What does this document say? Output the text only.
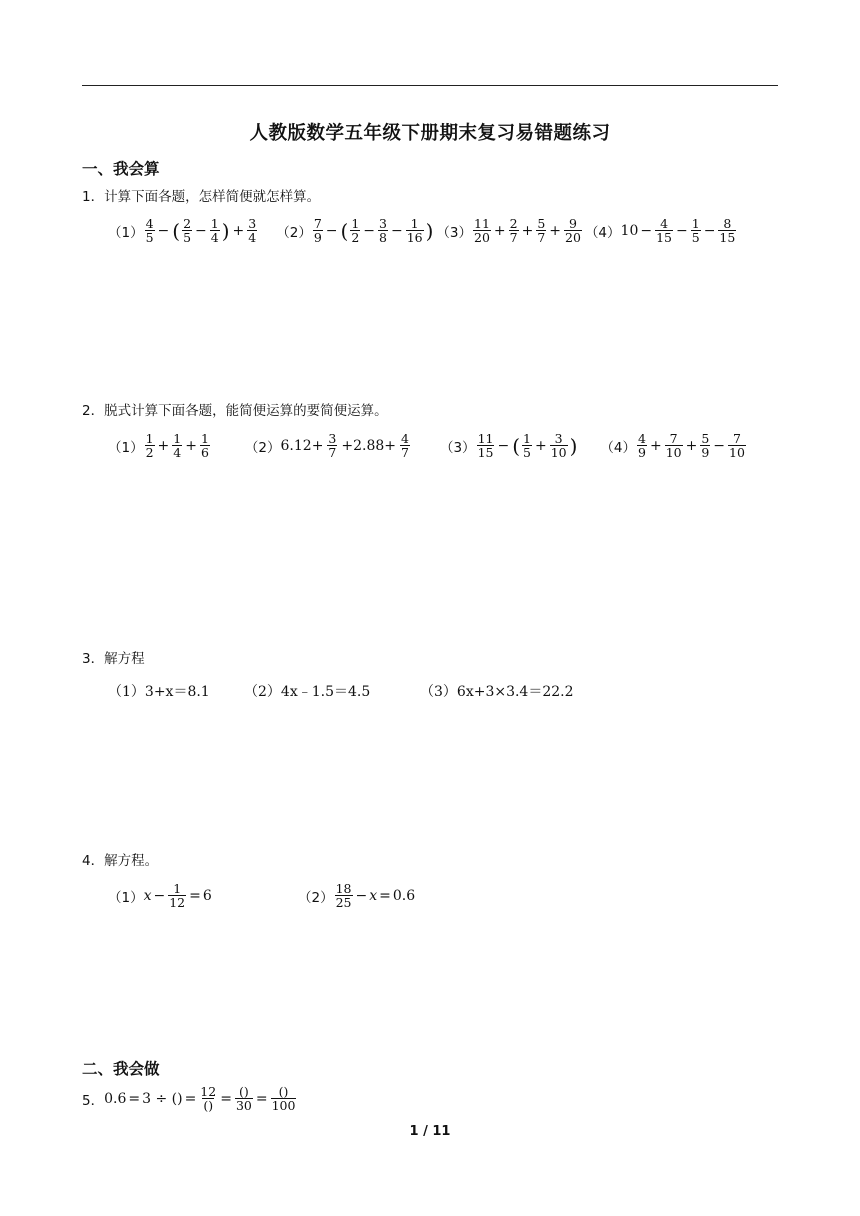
人教版数学五年级下册期末复习易错题练习
一、我会算
1．计算下面各题，怎样简便就怎样算。
$(1) \frac{4}{5}$ − ( $\frac{2}{5} - \frac{1}{4}$ ) + $\frac{3}{4} (2) \frac{7}{9}$ − ( $\frac{1}{2} - \frac{3}{8} - \frac{1}{16}$ ) $(3) \frac{11}{20} + \frac{2}{7} + \frac{5}{7} + \frac{9}{20} (4) 10 - \frac{4}{15} - \frac{1}{5} - \frac{8}{15}$
2．脱式计算下面各题，能简便运算的要简便运算。
$(1) \frac{1}{2} + \frac{1}{4} + \frac{1}{6}$	（2） $6.12+ \frac{3}{7} +2.88+ \frac{4}{7} (3) \frac{11}{15}$ − ( $\frac{1}{5} + \frac{3}{10}$ ) $(4) \frac{4}{9} + \frac{7}{10} + \frac{5}{9} - \frac{7}{10}$
3．解方程
（1）3+x＝8.1 （2）4x﹣1.5＝4.5	（3）6x+3×3.4＝22.2
4．解方程。
（1） $x - \frac{1}{12} = 6$	$(2) \frac{18}{25} - x = 0.6$
二、我会做
5． 0.6 = 3 ÷ () = $\frac{12}{()} = \frac{()}{30} = \frac{()}{100}$
1 / 11
